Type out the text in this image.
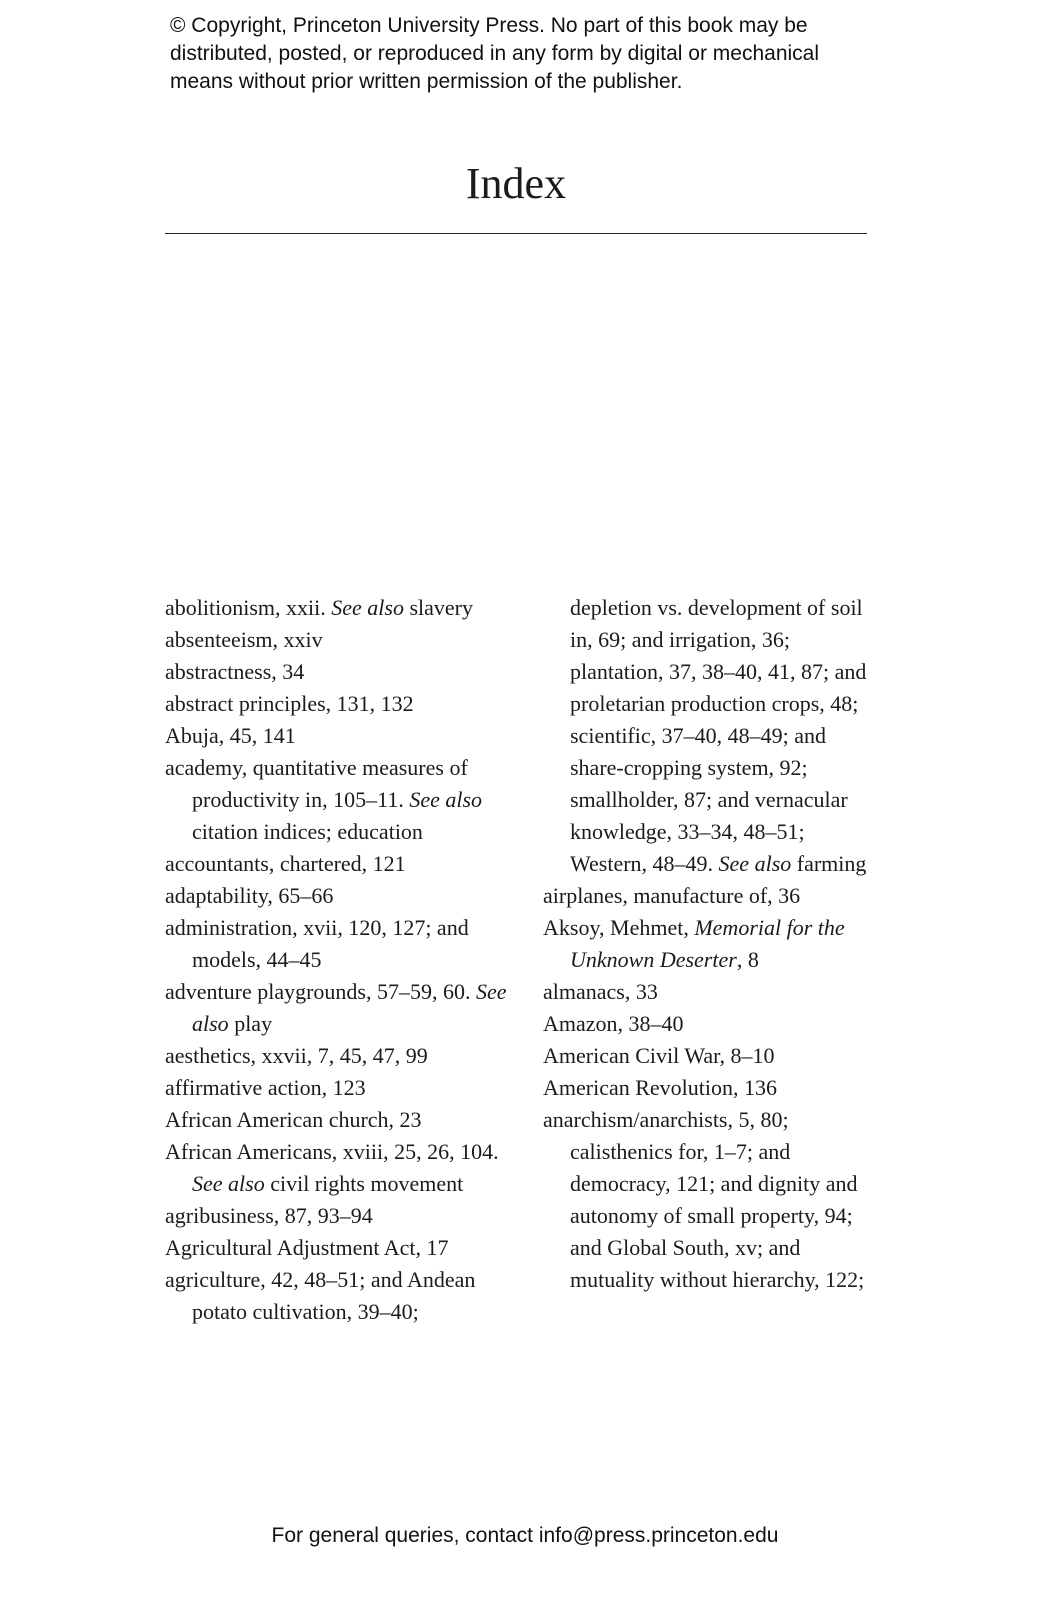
© Copyright, Princeton University Press. No part of this book may be distributed, posted, or reproduced in any form by digital or mechanical means without prior written permission of the publisher.
Index
abolitionism, xxii. See also slavery
absenteeism, xxiv
abstractness, 34
abstract principles, 131, 132
Abuja, 45, 141
academy, quantitative measures of productivity in, 105–11. See also citation indices; education
accountants, chartered, 121
adaptability, 65–66
administration, xvii, 120, 127; and models, 44–45
adventure playgrounds, 57–59, 60. See also play
aesthetics, xxvii, 7, 45, 47, 99
affirmative action, 123
African American church, 23
African Americans, xviii, 25, 26, 104. See also civil rights movement
agribusiness, 87, 93–94
Agricultural Adjustment Act, 17
agriculture, 42, 48–51; and Andean potato cultivation, 39–40;
depletion vs. development of soil in, 69; and irrigation, 36; plantation, 37, 38–40, 41, 87; and proletarian production crops, 48; scientific, 37–40, 48–49; and share-cropping system, 92; smallholder, 87; and vernacular knowledge, 33–34, 48–51; Western, 48–49. See also farming
airplanes, manufacture of, 36
Aksoy, Mehmet, Memorial for the Unknown Deserter, 8
almanacs, 33
Amazon, 38–40
American Civil War, 8–10
American Revolution, 136
anarchism/anarchists, 5, 80; calisthenics for, 1–7; and democracy, 121; and dignity and autonomy of small property, 94; and Global South, xv; and mutuality without hierarchy, 122;
For general queries, contact info@press.princeton.edu
